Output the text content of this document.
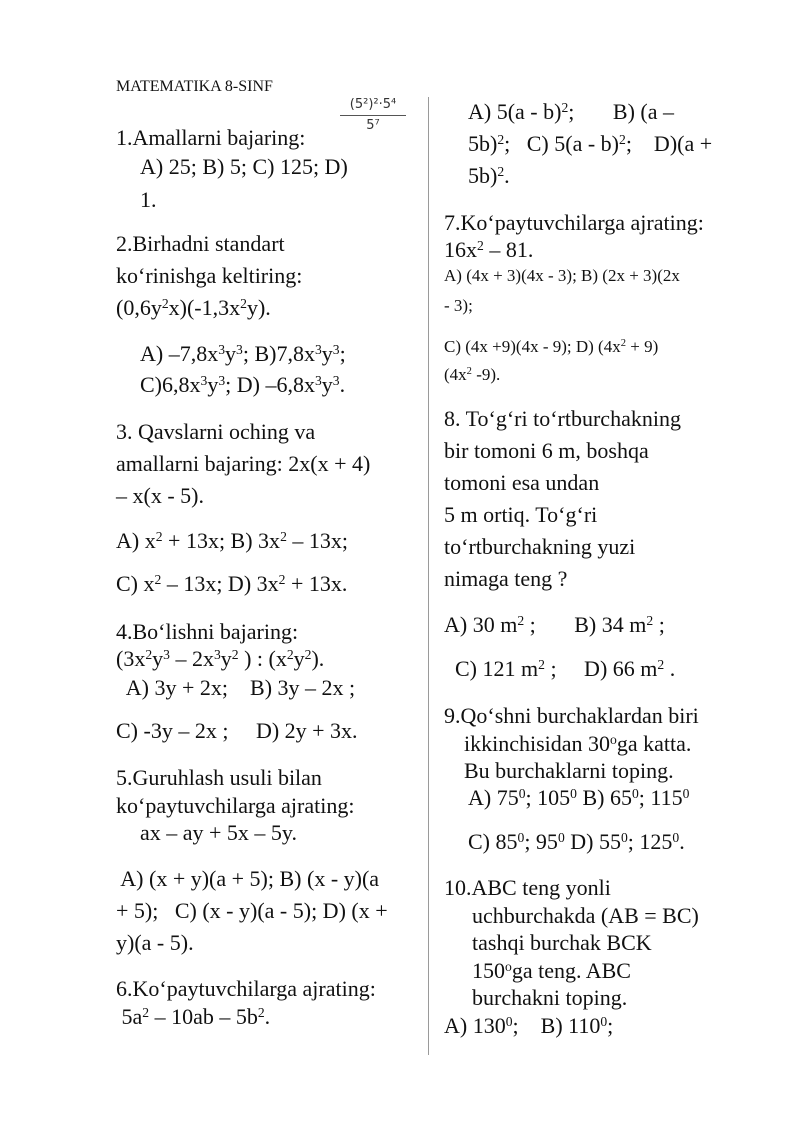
MATEMATIKA 8-SINF
(5²)²·5⁴
5⁷
1.Amallarni bajaring:
A) 25; B) 5; C) 125; D)
1.
2.Birhadni standart
ko‘rinishga keltiring:
$(0,6y^2x)(-1,3x^2y)$.
A) $-7,8x^3y^3$; $B)7,8x^3y^3$;
$C)6,8x^3y^3$; D) $-6,8x^3y^3$.
3. Qavslarni oching va
amallarni bajaring: 2x(x + 4)
– x(x - 5).
A) $x^2 + 13x$; B) $3x^2 - 13x$;
C) $x^2 - 13x$; D) $3x^2 + 13x$.
4.Bo‘lishni bajaring:
($3x^2y^3 - 2x^3y^2$ ) : $(x^2y^2)$.
A) 3y + 2x;    B) 3y – 2x ;
C) -3y – 2x ;     D) 2y + 3x.
5.Guruhlash usuli bilan
ko‘paytuvchilarga ajrating:
ax – ay + 5x – 5y.
A) (x + y)(a + 5); B) (x - y)(a
+ 5);   C) (x - y)(a - 5); D) (x +
y)(a - 5).
6.Ko‘paytuvchilarga ajrating:
$5a^2 - 10ab - 5b^2$.
A) 5(a - b)$^2$;       B) (a –
5b)$^2$;   C) 5(a - b)$^2$;    D)(a +
5b)$^2$.
7.Ko‘paytuvchilarga ajrating:
$16x^2 - 81$.
A) (4x + 3)(4x - 3); B) (2x + 3)(2x
- 3);
C) (4x +9)(4x - 9); D) $(4x^2 + 9)$
($4x^2$ -9).
8. To‘g‘ri to‘rtburchakning
bir tomoni 6 m, boshqa
tomoni esa undan
5 m ortiq. To‘g‘ri
to‘rtburchakning yuzi
nimaga teng ?
A) 30 $m^2$ ;       B) 34 $m^2$ ;
C) 121 $m^2$ ;     D) 66 $m^2$ .
9.Qo‘shni burchaklardan biri
ikkinchisidan 30$^o$ga katta.
Bu burchaklarni toping.
A) $75^0$; $105^0$ B) $65^0$; $115^0$
C) $85^0$; $95^0$ D) $55^0$; $125^0$.
10.ABC teng yonli
uchburchakda (AB = BC)
tashqi burchak BCK
150$^o$ga teng. ABC
burchakni toping.
A) $130^0$;    B) $110^0$;
